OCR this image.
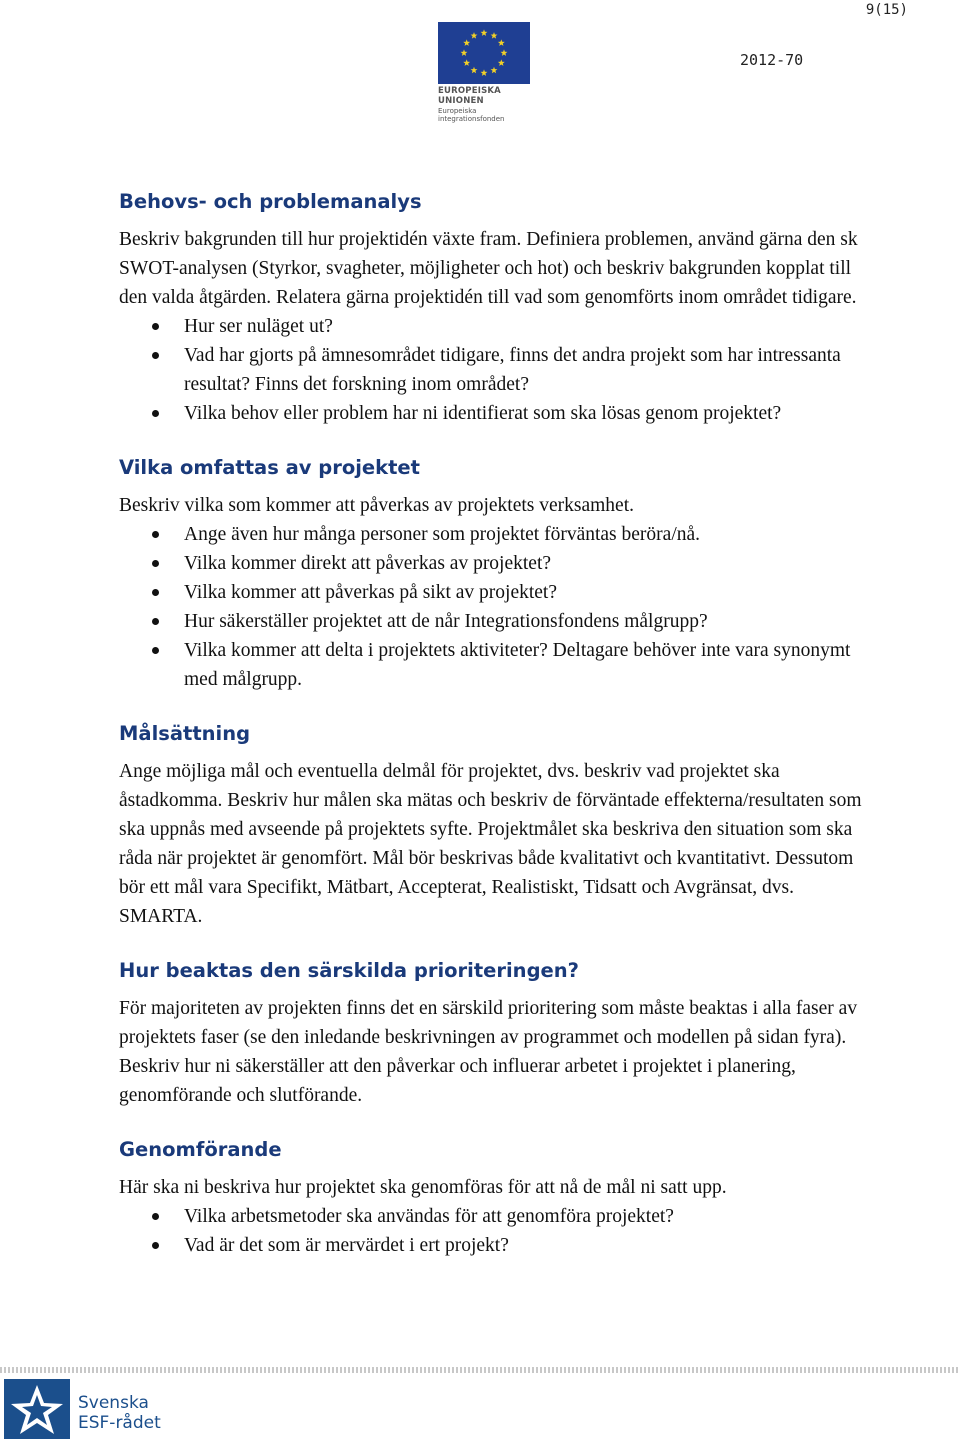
9(15)
2012-70
EUROPEISKA UNIONEN
Europeiska integrationsfonden
Behovs- och problemanalys

Beskriv bakgrunden till hur projektidén växte fram. Definiera problemen, använd gärna den sk SWOT-analysen (Styrkor, svagheter, möjligheter och hot) och beskriv bakgrunden kopplat till den valda åtgärden. Relatera gärna projektidén till vad som genomförts inom området tidigare.

Hur ser nuläget ut?
Vad har gjorts på ämnesområdet tidigare, finns det andra projekt som har intressanta resultat? Finns det forskning inom området?
Vilka behov eller problem har ni identifierat som ska lösas genom projektet?
Vilka omfattas av projektet

Beskriv vilka som kommer att påverkas av projektets verksamhet.

Ange även hur många personer som projektet förväntas beröra/nå.
Vilka kommer direkt att påverkas av projektet?
Vilka kommer att påverkas på sikt av projektet?
Hur säkerställer projektet att de når Integrationsfondens målgrupp?
Vilka kommer att delta i projektets aktiviteter? Deltagare behöver inte vara synonymt med målgrupp.
Målsättning

Ange möjliga mål och eventuella delmål för projektet, dvs. beskriv vad projektet ska åstadkomma. Beskriv hur målen ska mätas och beskriv de förväntade effekterna/resultaten som ska uppnås med avseende på projektets syfte. Projektmålet ska beskriva den situation som ska råda när projektet är genomfört. Mål bör beskrivas både kvalitativt och kvantitativt. Dessutom bör ett mål vara Specifikt, Mätbart, Accepterat, Realistiskt, Tidsatt och Avgränsat, dvs. SMARTA.

Hur beaktas den särskilda prioriteringen?

För majoriteten av projekten finns det en särskild prioritering som måste beaktas i alla faser av projektets faser (se den inledande beskrivningen av programmet och modellen på sidan fyra). Beskriv hur ni säkerställer att den påverkar och influerar arbetet i projektet i planering, genomförande och slutförande.

Genomförande

Här ska ni beskriva hur projektet ska genomföras för att nå de mål ni satt upp.

Vilka arbetsmetoder ska användas för att genomföra projektet?
Vad är det som är mervärdet i ert projekt?
Svenska
ESF-rådet
